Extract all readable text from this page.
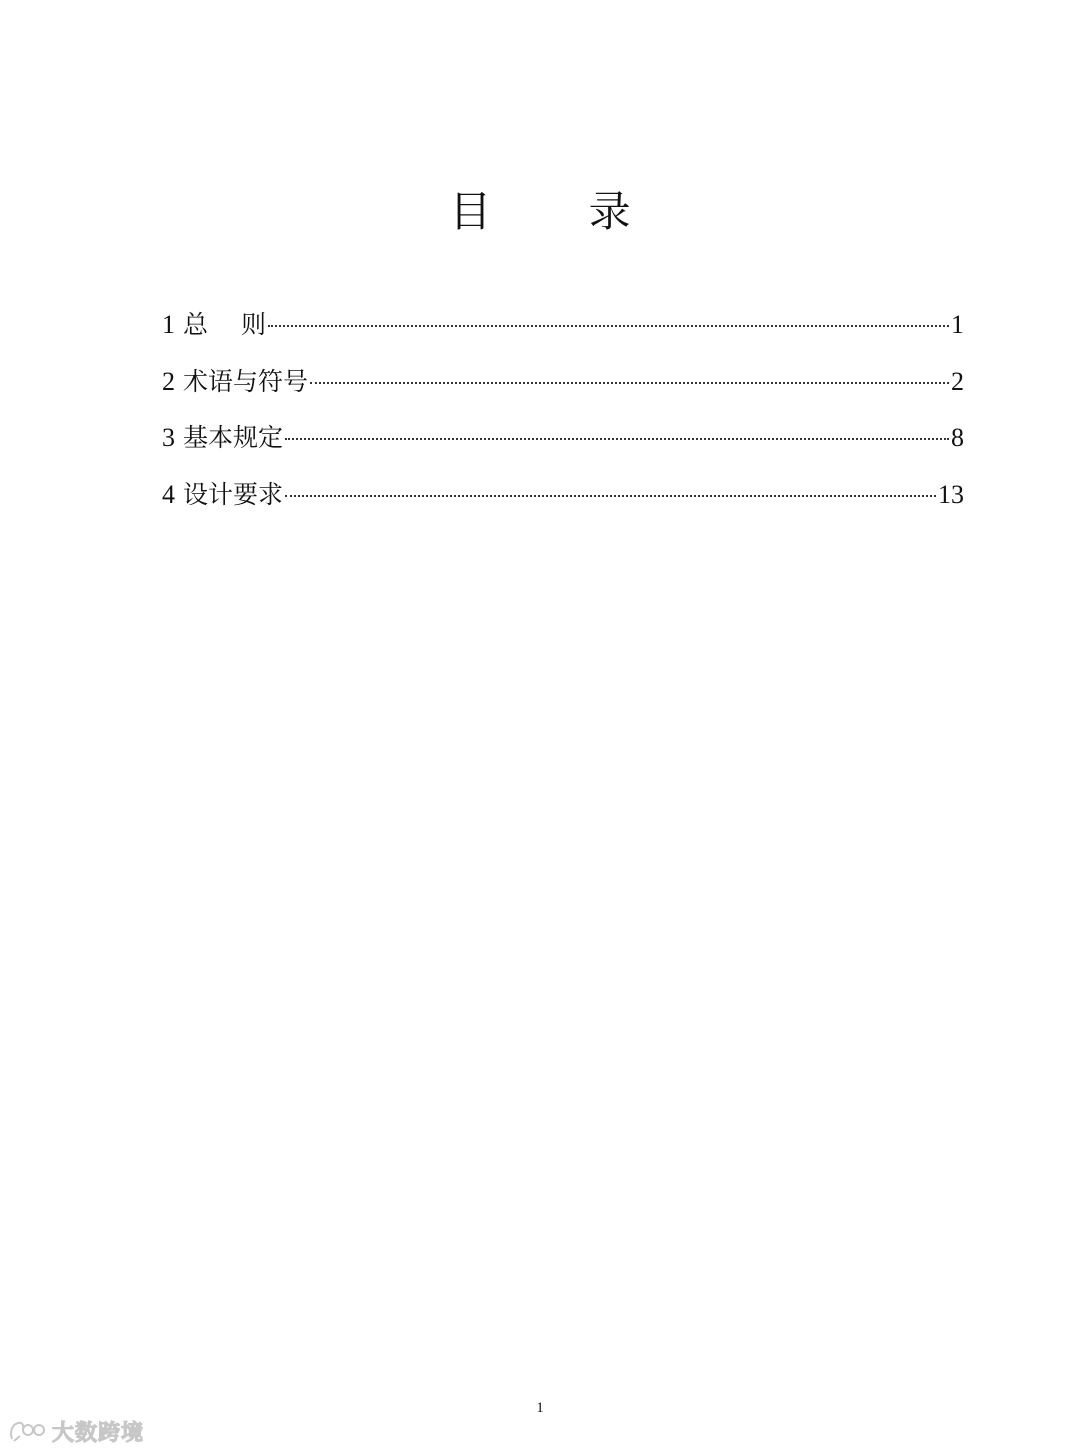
目 录
1 总　 则	1
2 术语与符号	2
3 基本规定	8
4 设计要求	13
1
大数跨境
